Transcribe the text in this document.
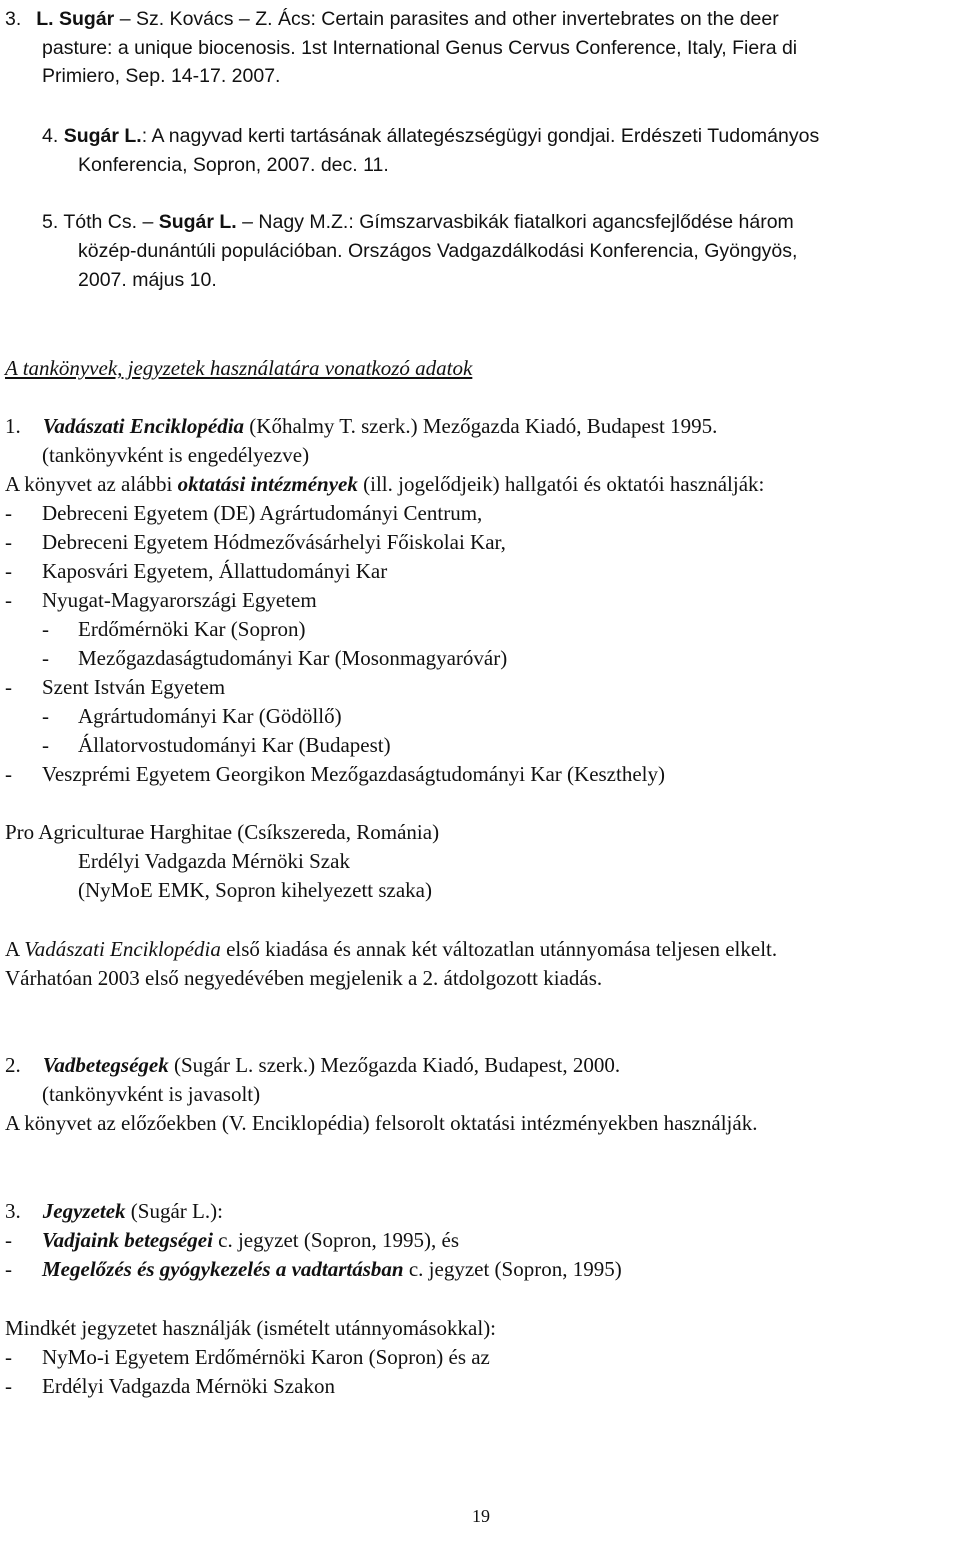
3. L. Sugár – Sz. Kovács – Z. Ács: Certain parasites and other invertebrates on the deer
pasture: a unique biocenosis. 1st International Genus Cervus Conference, Italy, Fiera di
Primiero, Sep. 14-17. 2007.
4. Sugár L.: A nagyvad kerti tartásának állategészségügyi gondjai. Erdészeti Tudományos
Konferencia, Sopron, 2007. dec. 11.
5. Tóth Cs. – Sugár L. – Nagy M.Z.: Gímszarvasbikák fiatalkori agancsfejlődése három
közép-dunántúli populációban. Országos Vadgazdálkodási Konferencia, Gyöngyös,
2007. május 10.
A tankönyvek, jegyzetek használatára vonatkozó adatok
1. Vadászati Enciklopédia (Kőhalmy T. szerk.) Mezőgazda Kiadó, Budapest 1995.
(tankönyvként is engedélyezve)
A könyvet az alábbi oktatási intézmények (ill. jogelődjeik) hallgatói és oktatói használják:
- Debreceni Egyetem (DE) Agrártudományi Centrum,
- Debreceni Egyetem Hódmezővásárhelyi Főiskolai Kar,
- Kaposvári Egyetem, Állattudományi Kar
- Nyugat-Magyarországi Egyetem
- Erdőmérnöki Kar (Sopron)
- Mezőgazdaságtudományi Kar (Mosonmagyaróvár)
- Szent István Egyetem
- Agrártudományi Kar (Gödöllő)
- Állatorvostudományi Kar (Budapest)
- Veszprémi Egyetem Georgikon Mezőgazdaságtudományi Kar (Keszthely)
Pro Agriculturae Harghitae (Csíkszereda, Románia)
Erdélyi Vadgazda Mérnöki Szak
(NyMoE EMK, Sopron kihelyezett szaka)
A Vadászati Enciklopédia első kiadása és annak két változatlan utánnyomása teljesen elkelt.
Várhatóan 2003 első negyedévében megjelenik a 2. átdolgozott kiadás.
2. Vadbetegségek (Sugár L. szerk.) Mezőgazda Kiadó, Budapest, 2000.
(tankönyvként is javasolt)
A könyvet az előzőekben (V. Enciklopédia) felsorolt oktatási intézményekben használják.
3. Jegyzetek (Sugár L.):
- Vadjaink betegségei c. jegyzet (Sopron, 1995), és
- Megelőzés és gyógykezelés a vadtartásban c. jegyzet (Sopron, 1995)
Mindkét jegyzetet használják (ismételt utánnyomásokkal):
- NyMo-i Egyetem Erdőmérnöki Karon (Sopron) és az
- Erdélyi Vadgazda Mérnöki Szakon
19
